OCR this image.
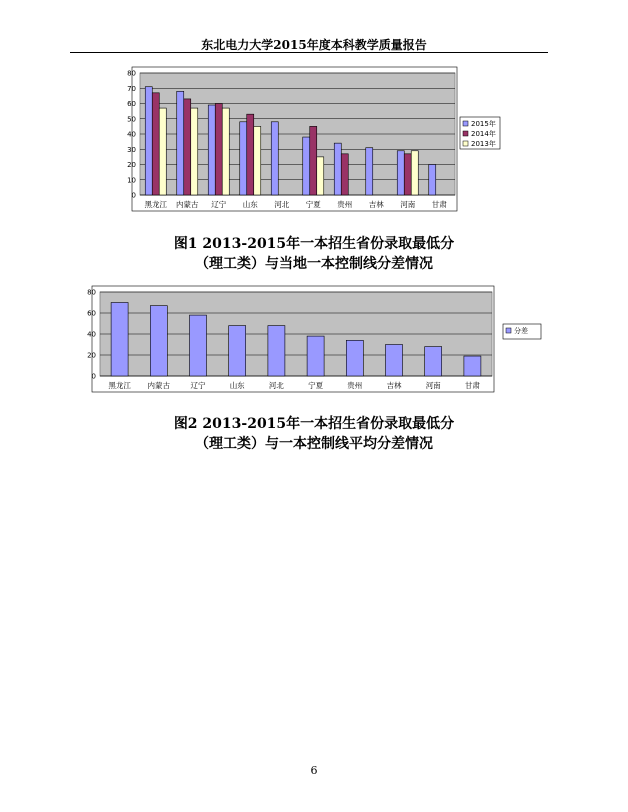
东北电力大学2015年度本科教学质量报告
0
10
20
30
40
50
60
70
80
黑龙江 内蒙古 辽宁 山东 河北 宁夏 贵州 吉林 河南 甘肃
2015年
2014年
2013年
0
20
40
60
80
黑龙江 内蒙古	辽宁	山东	河北	宁夏	贵州	吉林	河南	甘肃
分差
图1 2013-2015年一本招生省份录取最低分
（理工类）与当地一本控制线分差情况
图2 2013-2015年一本招生省份录取最低分
（理工类）与一本控制线平均分差情况
6
